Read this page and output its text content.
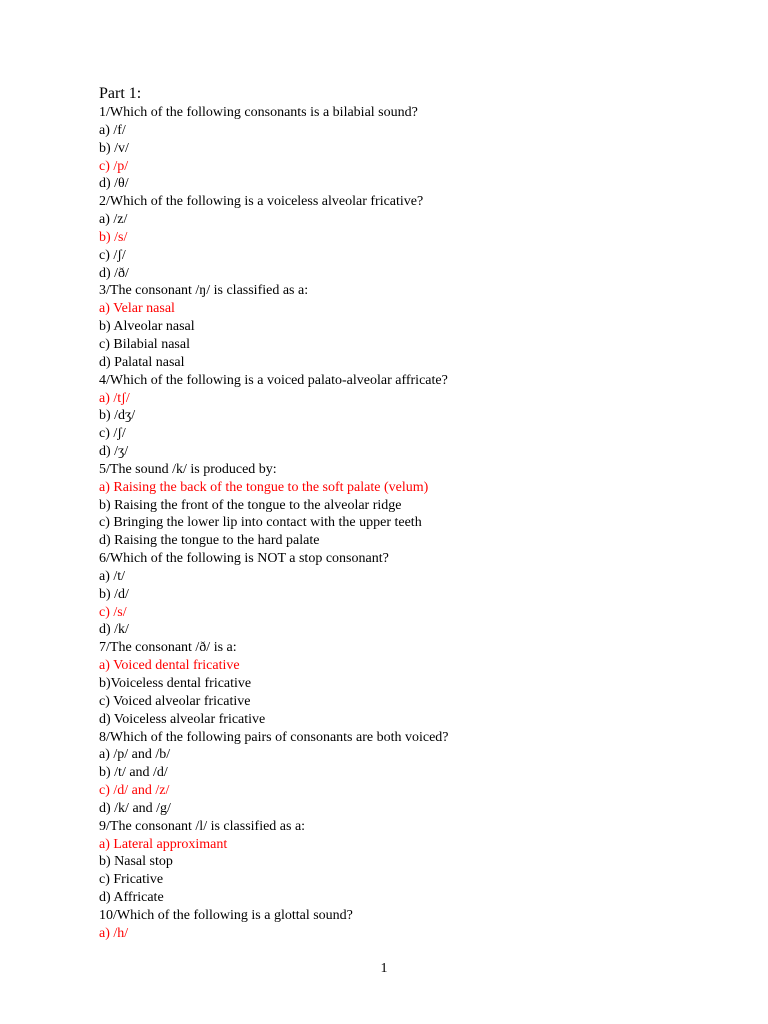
Part 1:
1/Which of the following consonants is a bilabial sound?
a) /f/
b) /v/
c) /p/
d) /θ/
2/Which of the following is a voiceless alveolar fricative?
a) /z/
b) /s/
c) /ʃ/
d) /ð/
3/The consonant /ŋ/ is classified as a:
a) Velar nasal
b) Alveolar nasal
c) Bilabial nasal
d) Palatal nasal
4/Which of the following is a voiced palato-alveolar affricate?
a) /tʃ/
b) /dʒ/
c) /ʃ/
d) /ʒ/
5/The sound /k/ is produced by:
a) Raising the back of the tongue to the soft palate (velum)
b) Raising the front of the tongue to the alveolar ridge
c) Bringing the lower lip into contact with the upper teeth
d) Raising the tongue to the hard palate
6/Which of the following is NOT a stop consonant?
a) /t/
b) /d/
c) /s/
d) /k/
7/The consonant /ð/ is a:
a) Voiced dental fricative
b)Voiceless dental fricative
c) Voiced alveolar fricative
d) Voiceless alveolar fricative
8/Which of the following pairs of consonants are both voiced?
a) /p/ and /b/
b) /t/ and /d/
c) /d/ and /z/
d) /k/ and /g/
9/The consonant /l/ is classified as a:
a) Lateral approximant
b) Nasal stop
c) Fricative
d) Affricate
10/Which of the following is a glottal sound?
a) /h/
1
